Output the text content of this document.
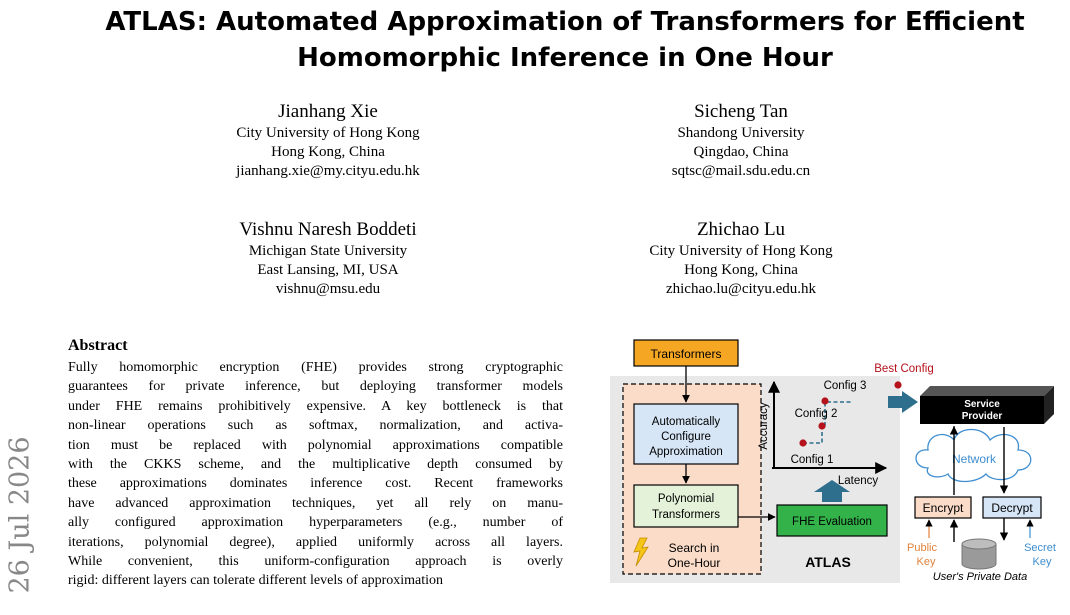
ATLAS: Automated Approximation of Transformers for Efficient
Homomorphic Inference in One Hour
26 Jul 2026
Jianhang Xie
City University of Hong Kong
Hong Kong, China
jianhang.xie@my.cityu.edu.hk
Sicheng Tan
Shandong University
Qingdao, China
sqtsc@mail.sdu.edu.cn
Vishnu Naresh Boddeti
Michigan State University
East Lansing, MI, USA
vishnu@msu.edu
Zhichao Lu
City University of Hong Kong
Hong Kong, China
zhichao.lu@cityu.edu.hk
Abstract
Fully homomorphic encryption (FHE) provides strong cryptographic
guarantees for private inference, but deploying transformer models
under FHE remains prohibitively expensive. A key bottleneck is that
non-linear operations such as softmax, normalization, and activa-
tion must be replaced with polynomial approximations compatible
with the CKKS scheme, and the multiplicative depth consumed by
these approximations dominates inference cost. Recent frameworks
have advanced approximation techniques, yet all rely on manu-
ally configured approximation hyperparameters (e.g., number of
iterations, polynomial degree), applied uniformly across all layers.
While convenient, this uniform-configuration approach is overly
rigid: different layers can tolerate different levels of approximation
Transformers
Automatically
Configure
Approximation
Polynomial
Transformers
Search in
One-Hour
FHE Evaluation
ATLAS
Accuracy
Latency
Config 1
Config 2
Config 3
Best Config
Service
Provider
Network
Encrypt Decrypt
Public
Key
Secret
Key
User's Private Data
